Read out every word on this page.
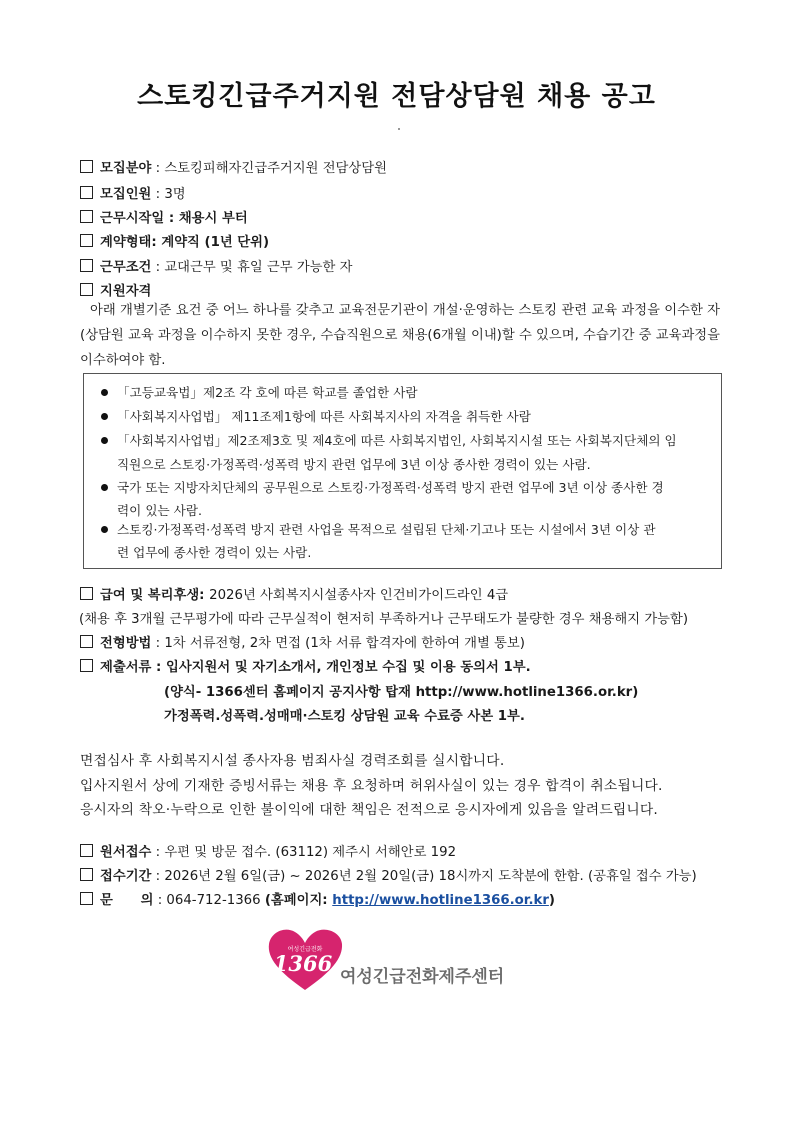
스토킹긴급주거지원 전담상담원 채용 공고
모집분야 : 스토킹피해자긴급주거지원 전담상담원
모집인원 : 3명
근무시작일 : 채용시 부터
계약형태: 계약직 (1년 단위)
근무조건 : 교대근무 및 휴일 근무 가능한 자
지원자격
아래 개별기준 요건 중 어느 하나를 갖추고 교육전문기관이 개설·운영하는 스토킹 관련 교육 과정을 이수한 자 (상담원 교육 과정을 이수하지 못한 경우, 수습직원으로 채용(6개월 이내)할 수 있으며, 수습기간 중 교육과정을 이수하여야 함.
「고등교육법」제2조 각 호에 따른 학교를 졸업한 사람
「사회복지사업법」 제11조제1항에 따른 사회복지사의 자격을 취득한 사람
「사회복지사업법」제2조제3호 및 제4호에 따른 사회복지법인, 사회복지시설 또는 사회복지단체의 임
직원으로 스토킹·가정폭력·성폭력 방지 관련 업무에 3년 이상 종사한 경력이 있는 사람.
국가 또는 지방자치단체의 공무원으로 스토킹·가정폭력·성폭력 방지 관련 업무에 3년 이상 종사한 경
력이 있는 사람.
스토킹·가정폭력·성폭력 방지 관련 사업을 목적으로 설립된 단체·기고나 또는 시설에서 3년 이상 관
련 업무에 종사한 경력이 있는 사람.
급여 및 복리후생: 2026년 사회복지시설종사자 인건비가이드라인 4급
(채용 후 3개월 근무평가에 따라 근무실적이 현저히 부족하거나 근무태도가 불량한 경우 채용해지 가능함)
전형방법 : 1차 서류전형, 2차 면접 (1차 서류 합격자에 한하여 개별 통보)
제출서류 : 입사지원서 및 자기소개서, 개인정보 수집 및 이용 동의서 1부.
(양식- 1366센터 홈페이지 공지사항 탑재 http://www.hotline1366.or.kr)
가정폭력.성폭력.성매매·스토킹 상담원 교육 수료증 사본 1부.
면접심사 후 사회복지시설 종사자용 범죄사실 경력조회를 실시합니다.
입사지원서 상에 기재한 증빙서류는 채용 후 요청하며 허위사실이 있는 경우 합격이 취소됩니다.
응시자의 착오·누락으로 인한 불이익에 대한 책임은 전적으로 응시자에게 있음을 알려드립니다.
원서접수 : 우편 및 방문 접수. (63112) 제주시 서해안로 192
접수기간 : 2026년 2월 6일(금) ~ 2026년 2월 20일(금) 18시까지 도착분에 한함. (공휴일 접수 가능)
문      의 : 064-712-1366 (홈페이지: http://www.hotline1366.or.kr)
여성긴급전화
1366
여성긴급전화제주센터
